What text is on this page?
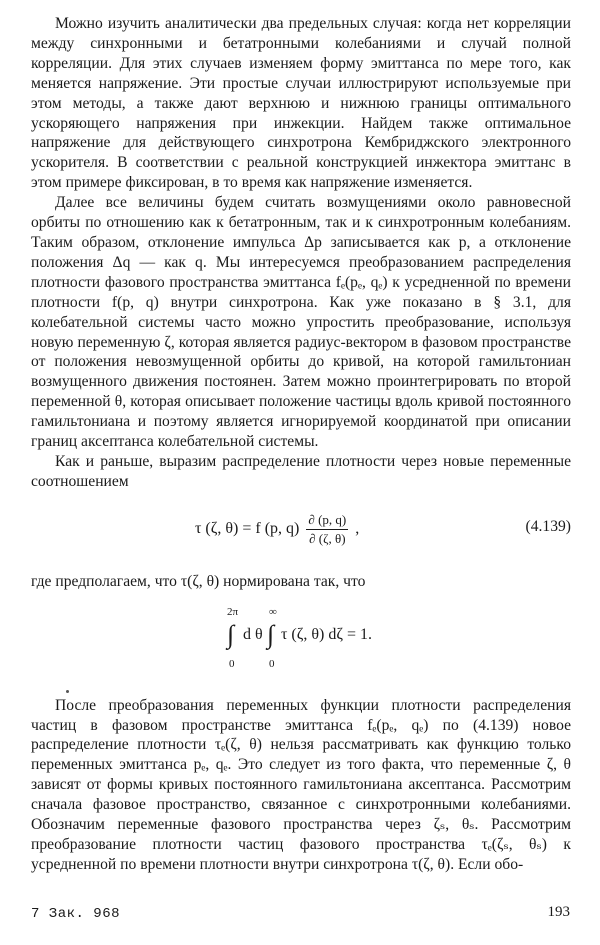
Можно изучить аналитически два предельных случая: когда нет корреляции между синхронными и бетатронными колебаниями и случай полной корреляции. Для этих случаев изменяем форму эмиттанса по мере того, как меняется напряжение. Эти простые случаи иллюстрируют используемые при этом методы, а также дают верхнюю и нижнюю границы оптимального ускоряющего напряжения при инжекции. Найдем также оптимальное напряжение для действующего синхротрона Кембриджского электронного ускорителя. В соответствии с реальной конструкцией инжектора эмиттанс в этом примере фиксирован, в то время как напряжение изменяется.

Далее все величины будем считать возмущениями около равновесной орбиты по отношению как к бетатронным, так и к синхротронным колебаниям. Таким образом, отклонение импульса Δp записывается как p, а отклонение положения Δq — как q. Мы интересуемся преобразованием распределения плотности фазового пространства эмиттанса fₑ(pₑ, qₑ) к усредненной по времени плотности f(p, q) внутри синхротрона. Как уже показано в § 3.1, для колебательной системы часто можно упростить преобразование, используя новую переменную ζ, которая является радиус-вектором в фазовом пространстве от положения невозмущенной орбиты до кривой, на которой гамильтониан возмущенного движения постоянен. Затем можно проинтегрировать по второй переменной θ, которая описывает положение частицы вдоль кривой постоянного гамильтониана и поэтому является игнорируемой координатой при описании границ аксептанса колебательной системы.

Как и раньше, выразим распределение плотности через новые переменные соотношением

τ (ζ, θ) = f (p, $q) \frac{\partial (p, q)}{\partial (\zeta, \theta)}$ ,	(4.139)

где предполагаем, что τ(ζ, θ) нормирована так, что

2π
∫
0
d θ
∞
∫
0
τ (ζ, θ) dζ = 1.

После преобразования переменных функции плотности распределения частиц в фазовом пространстве эмиттанса fₑ(pₑ, qₑ) по (4.139) новое распределение плотности τₑ(ζ, θ) нельзя рассматривать как функцию только переменных эмиттанса pₑ, qₑ. Это следует из того факта, что переменные ζ, θ зависят от формы кривых постоянного гамильтониана аксептанса. Рассмотрим сначала фазовое пространство, связанное с синхротронными колебаниями. Обозначим переменные фазового пространства через ζₛ, θₛ. Рассмотрим преобразование плотности частиц фазового пространства τₑ(ζₛ, θₛ) к усредненной по времени плотности внутри синхротрона τ(ζ, θ). Если обо-

7 Зак. 968	193
